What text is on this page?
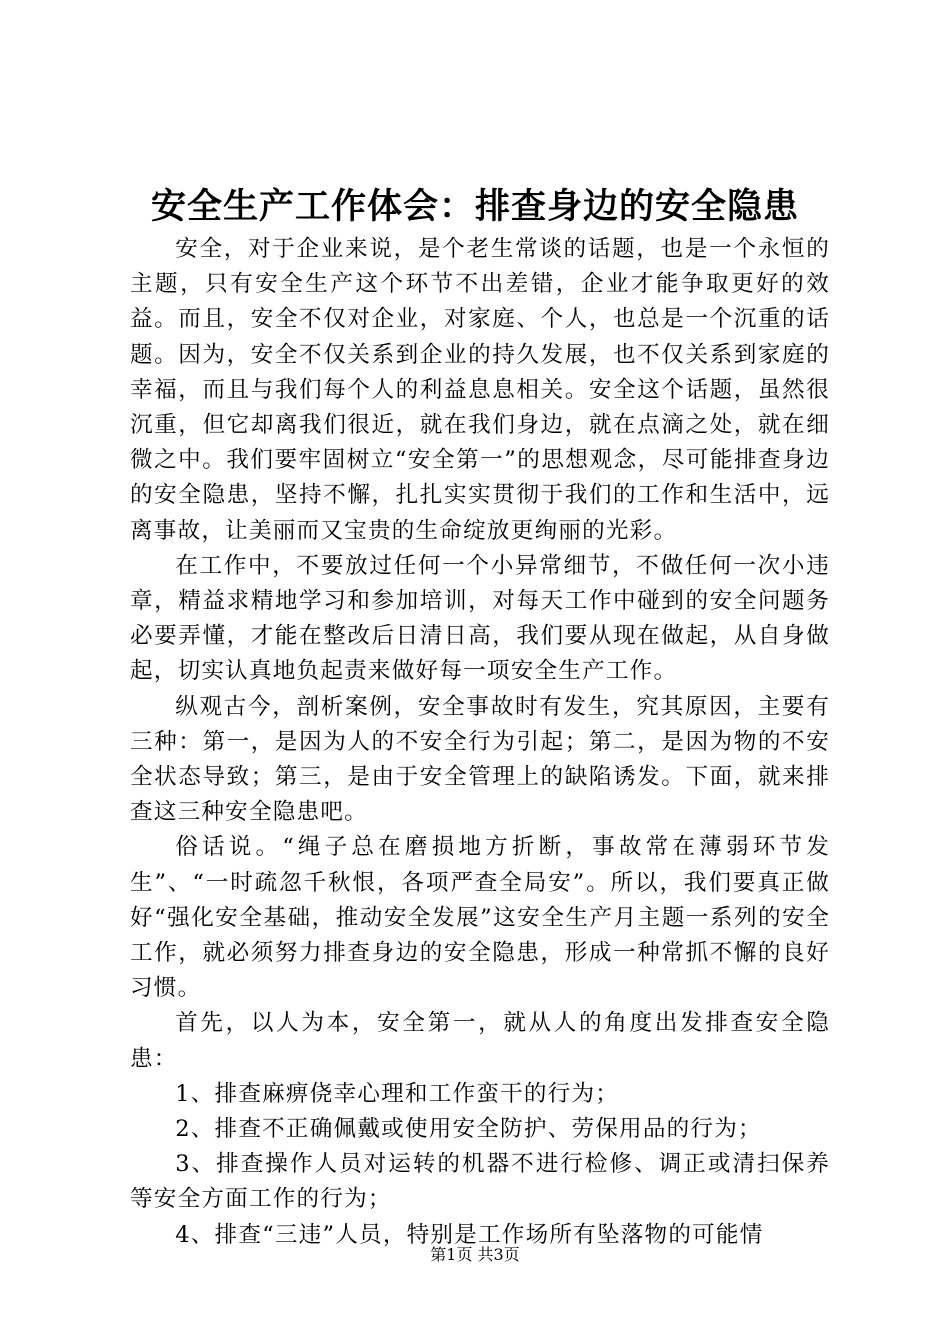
安全生产工作体会：排查身边的安全隐患

安全，对于企业来说，是个老生常谈的话题，也是一个永恒的主题，只有安全生产这个环节不出差错，企业才能争取更好的效益。而且，安全不仅对企业，对家庭、个人，也总是一个沉重的话题。因为，安全不仅关系到企业的持久发展，也不仅关系到家庭的幸福，而且与我们每个人的利益息息相关。安全这个话题，虽然很沉重，但它却离我们很近，就在我们身边，就在点滴之处，就在细微之中。我们要牢固树立“安全第一”的思想观念，尽可能排查身边的安全隐患，坚持不懈，扎扎实实贯彻于我们的工作和生活中，远离事故，让美丽而又宝贵的生命绽放更绚丽的光彩。

在工作中，不要放过任何一个小异常细节，不做任何一次小违章，精益求精地学习和参加培训，对每天工作中碰到的安全问题务必要弄懂，才能在整改后日清日高，我们要从现在做起，从自身做起，切实认真地负起责来做好每一项安全生产工作。

纵观古今，剖析案例，安全事故时有发生，究其原因，主要有三种：第一，是因为人的不安全行为引起；第二，是因为物的不安全状态导致；第三，是由于安全管理上的缺陷诱发。下面，就来排查这三种安全隐患吧。

俗话说。“绳子总在磨损地方折断，事故常在薄弱环节发生”、“一时疏忽千秋恨，各项严查全局安”。所以，我们要真正做好“强化安全基础，推动安全发展”这安全生产月主题一系列的安全工作，就必须努力排查身边的安全隐患，形成一种常抓不懈的良好习惯。

首先，以人为本，安全第一，就从人的角度出发排查安全隐患：

1、排查麻痹侥幸心理和工作蛮干的行为；

2、排查不正确佩戴或使用安全防护、劳保用品的行为；

3、排查操作人员对运转的机器不进行检修、调正或清扫保养等安全方面工作的行为；

4、排查“三违”人员，特别是工作场所有坠落物的可能情

第1页 共3页
